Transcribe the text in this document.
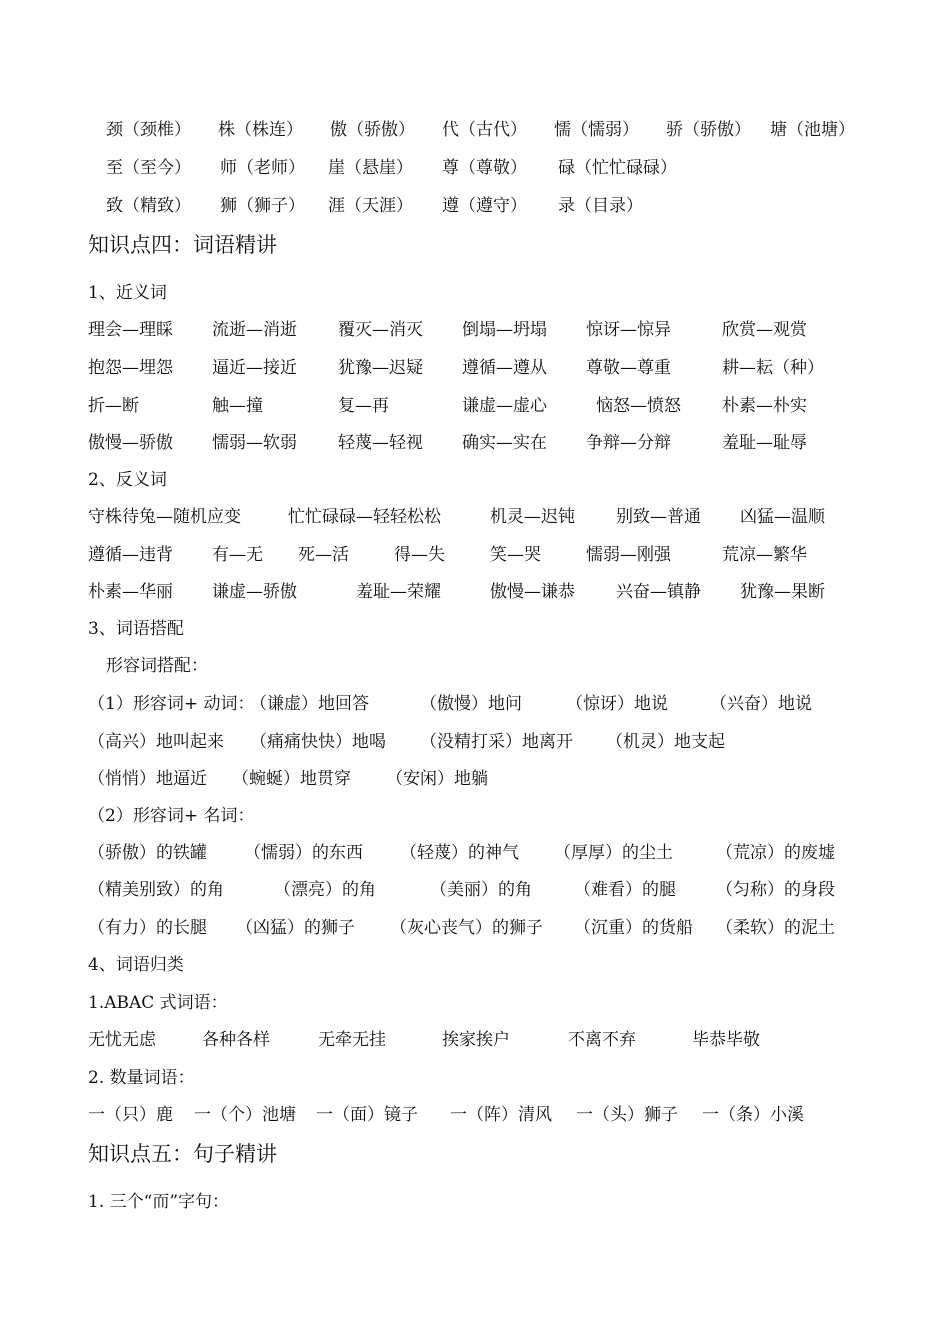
颈（颈椎） 株（株连） 傲（骄傲） 代（古代） 懦（懦弱） 骄（骄傲） 塘（池塘）
至（至今） 师（老师） 崖（悬崖） 尊（尊敬） 碌（忙忙碌碌）
致（精致） 狮（狮子） 涯（天涯） 遵（遵守） 录（目录）
知识点四：词语精讲
1、近义词
理会—理睬 流逝—消逝 覆灭—消灭 倒塌—坍塌 惊讶—惊异	欣赏—观赏
抱怨—埋怨 逼近—接近 犹豫—迟疑 遵循—遵从 尊敬—尊重	耕—耘（种）
折—断	触—撞	复—再	谦虚—虚心	恼怒—愤怒 朴素—朴实
傲慢—骄傲 懦弱—软弱 轻蔑—轻视 确实—实在 争辩—分辩	羞耻—耻辱
2、反义词
守株待兔—随机应变	忙忙碌碌—轻轻松松	机灵—迟钝 别致—普通 凶猛—温顺
遵循—违背 有—无 死—活	得—失	笑—哭	懦弱—刚强	荒凉—繁华
朴素—华丽 谦虚—骄傲	羞耻—荣耀	傲慢—谦恭 兴奋—镇静 犹豫—果断
3、词语搭配
形容词搭配：
（1）形容词+ 动词：
（谦虚）地回答	（傲慢）地问	（惊讶）地说 （兴奋）地说
（高兴）地叫起来 （痛痛快快）地喝 （没精打采）地离开 （机灵）地支起
（悄悄）地逼近 （蜿蜒）地贯穿 （安闲）地躺
（2）形容词+ 名词：
（骄傲）的铁罐 （懦弱）的东西 （轻蔑）的神气 （厚厚）的尘土	（荒凉）的废墟
（精美别致）的角	（漂亮）的角	（美丽）的角 （难看）的腿 （匀称）的身段
（有力）的长腿 （凶猛）的狮子 （灰心丧气）的狮子 （沉重）的货船 （柔软）的泥土
4、词语归类
1.ABAC 式词语：
无忧无虑	各种各样	无牵无挂	挨家挨户	不离不弃	毕恭毕敬
2. 数量词语：
一（只）鹿 一（个）池塘 一（面）镜子 一（阵）清风 一（头）狮子 一（条）小溪
知识点五：句子精讲
1. 三个“而”字句：
